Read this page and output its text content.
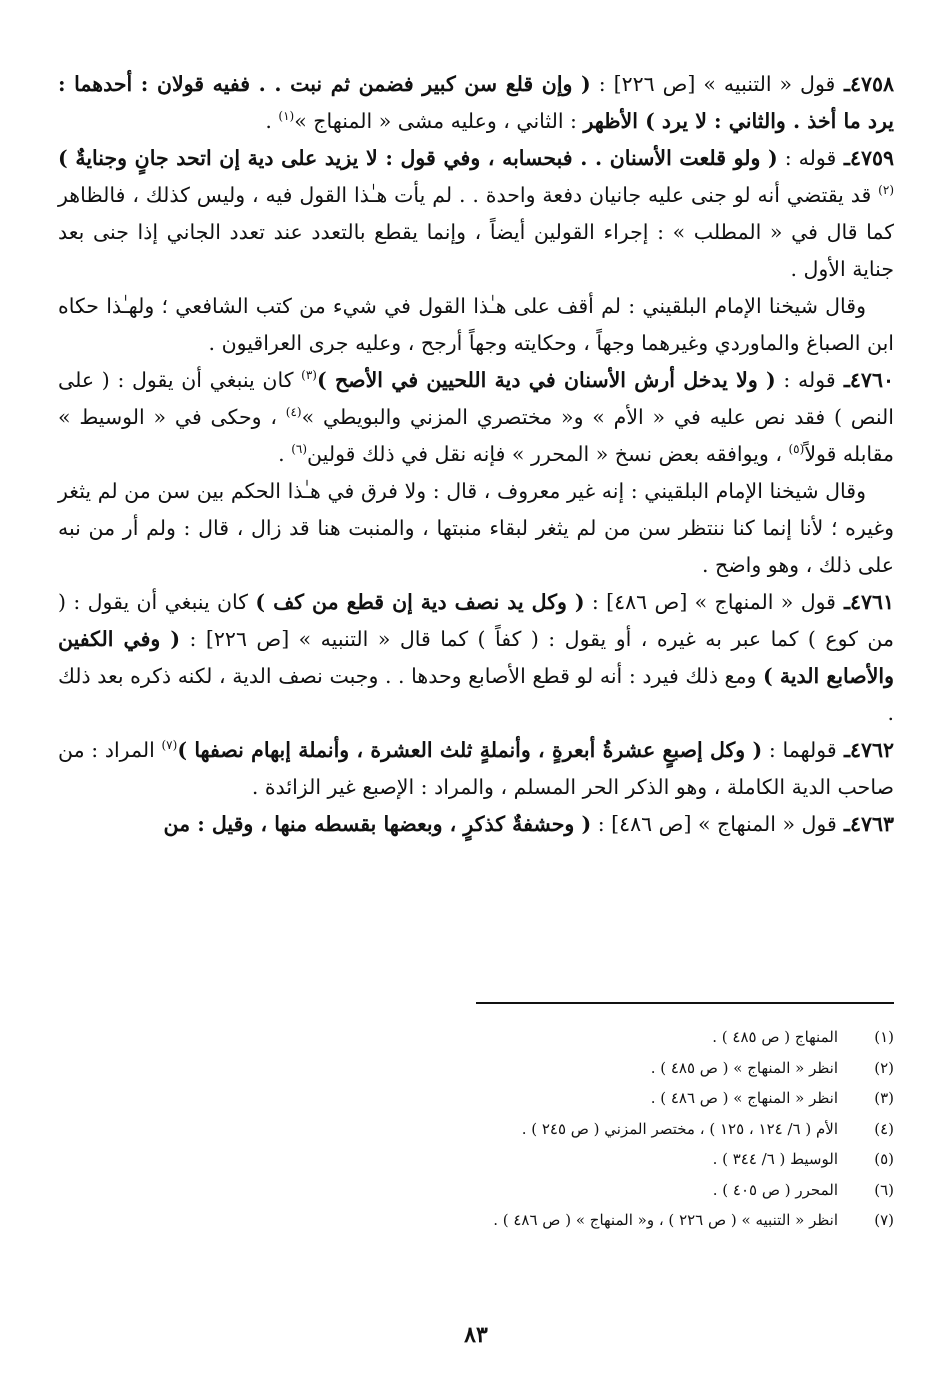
٤٧٥٨ـ قول « التنبيه » [ص ٢٢٦] : ( وإن قلع سن كبير فضمن ثم نبت . . ففيه قولان : أحدهما : يرد ما أخذ . والثاني : لا يرد ) الأظهر : الثاني ، وعليه مشى « المنهاج »$^{(١)}$ .

٤٧٥٩ـ قوله : ( ولو قلعت الأسنان . . فبحسابه ، وفي قول : لا يزيد على دية إن اتحد جانٍ وجنايةٌ )$^{(٢)}$ قد يقتضي أنه لو جنى عليه جانيان دفعة واحدة . . لم يأت هـٰذا القول فيه ، وليس كذلك ، فالظاهر كما قال في « المطلب » : إجراء القولين أيضاً ، وإنما يقطع بالتعدد عند تعدد الجاني إذا جنى بعد جناية الأول .

وقال شيخنا الإمام البلقيني : لم أقف على هـٰذا القول في شيء من كتب الشافعي ؛ ولهـٰذا حكاه ابن الصباغ والماوردي وغيرهما وجهاً ، وحكايته وجهاً أرجح ، وعليه جرى العراقيون .

٤٧٦٠ـ قوله : ( ولا يدخل أرش الأسنان في دية اللحيين في الأصح )$^{(٣)}$ كان ينبغي أن يقول : ( على النص ) فقد نص عليه في « الأم » و« مختصري المزني والبويطي »$^{(٤)}$ ، وحكى في « الوسيط » مقابله قولاً$^{(٥)}$ ، ويوافقه بعض نسخ « المحرر » فإنه نقل في ذلك قولين$^{(٦)}$ .

وقال شيخنا الإمام البلقيني : إنه غير معروف ، قال : ولا فرق في هـٰذا الحكم بين سن من لم يثغر وغيره ؛ لأنا إنما كنا ننتظر سن من لم يثغر لبقاء منبتها ، والمنبت هنا قد زال ، قال : ولم أر من نبه على ذلك ، وهو واضح .

٤٧٦١ـ قول « المنهاج » [ص ٤٨٦] : ( وكل يد نصف دية إن قطع من كف ) كان ينبغي أن يقول : ( من كوع ) كما عبر به غيره ، أو يقول : ( كفاً ) كما قال « التنبيه » [ص ٢٢٦] : ( وفي الكفين والأصابع الدية ) ومع ذلك فيرد : أنه لو قطع الأصابع وحدها . . وجبت نصف الدية ، لكنه ذكره بعد ذلك .

٤٧٦٢ـ قولهما : ( وكل إصبعٍ عشرةُ أبعرةٍ ، وأنملةٍ ثلث العشرة ، وأنملة إبهام نصفها )$^{(٧)}$ المراد : من صاحب الدية الكاملة ، وهو الذكر الحر المسلم ، والمراد : الإصبع غير الزائدة .

٤٧٦٣ـ قول « المنهاج » [ص ٤٨٦] : ( وحشفةٌ كذكرٍ ، وبعضها بقسطه منها ، وقيل : من

(١)
المنهاج ( ص ٤٨٥ ) .
(٢)
انظر « المنهاج » ( ص ٤٨٥ ) .
(٣)
انظر « المنهاج » ( ص ٤٨٦ ) .
(٤)
الأم ( ٦/ ١٢٤ ، ١٢٥ ) ، مختصر المزني ( ص ٢٤٥ ) .
(٥)
الوسيط ( ٦/ ٣٤٤ ) .
(٦)
المحرر ( ص ٤٠٥ ) .
(٧)
انظر « التنبيه » ( ص ٢٢٦ ) ، و« المنهاج » ( ص ٤٨٦ ) .
٨٣
